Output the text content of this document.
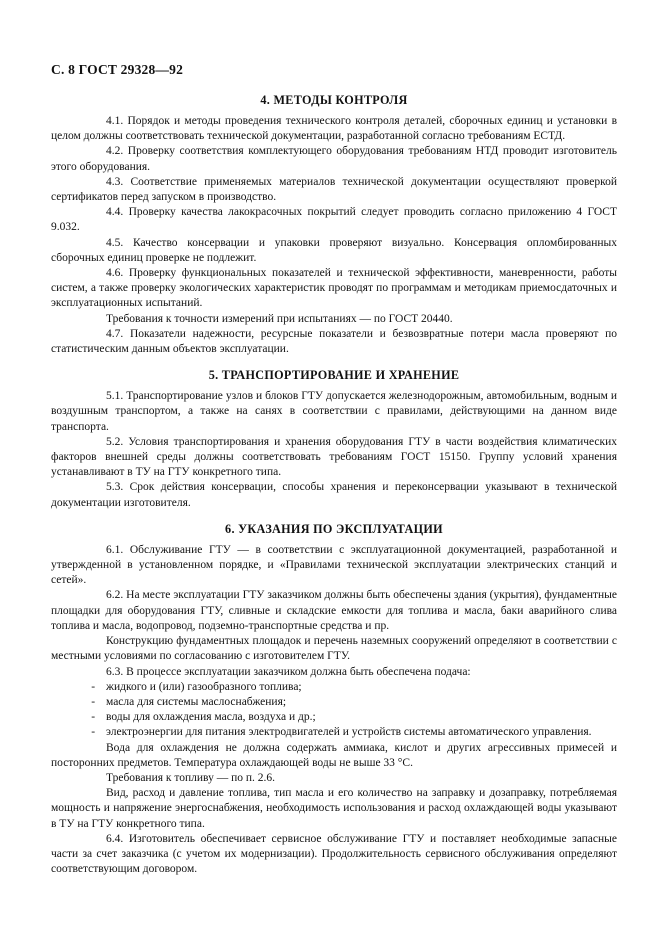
С. 8 ГОСТ 29328—92
4. МЕТОДЫ КОНТРОЛЯ

4.1. Порядок и методы проведения технического контроля деталей, сборочных единиц и установки в целом должны соответствовать технической документации, разработанной согласно требованиям ЕСТД.

4.2. Проверку соответствия комплектующего оборудования требованиям НТД проводит изготовитель этого оборудования.

4.3. Соответствие применяемых материалов технической документации осуществляют проверкой сертификатов перед запуском в производство.

4.4. Проверку качества лакокрасочных покрытий следует проводить согласно приложению 4 ГОСТ 9.032.

4.5. Качество консервации и упаковки проверяют визуально. Консервация опломбированных сборочных единиц проверке не подлежит.

4.6. Проверку функциональных показателей и технической эффективности, маневренности, работы систем, а также проверку экологических характеристик проводят по программам и методикам приемосдаточных и эксплуатационных испытаний.

Требования к точности измерений при испытаниях — по ГОСТ 20440.

4.7. Показатели надежности, ресурсные показатели и безвозвратные потери масла проверяют по статистическим данным объектов эксплуатации.

5. ТРАНСПОРТИРОВАНИЕ И ХРАНЕНИЕ

5.1. Транспортирование узлов и блоков ГТУ допускается железнодорожным, автомобильным, водным и воздушным транспортом, а также на санях в соответствии с правилами, действующими на данном виде транспорта.

5.2. Условия транспортирования и хранения оборудования ГТУ в части воздействия климатических факторов внешней среды должны соответствовать требованиям ГОСТ 15150. Группу условий хранения устанавливают в ТУ на ГТУ конкретного типа.

5.3. Срок действия консервации, способы хранения и переконсервации указывают в технической документации изготовителя.

6. УКАЗАНИЯ ПО ЭКСПЛУАТАЦИИ

6.1. Обслуживание ГТУ — в соответствии с эксплуатационной документацией, разработанной и утвержденной в установленном порядке, и «Правилами технической эксплуатации электрических станций и сетей».

6.2. На месте эксплуатации ГТУ заказчиком должны быть обеспечены здания (укрытия), фундаментные площадки для оборудования ГТУ, сливные и складские емкости для топлива и масла, баки аварийного слива топлива и масла, водопровод, подземно-транспортные средства и пр.

Конструкцию фундаментных площадок и перечень наземных сооружений определяют в соответствии с местными условиями по согласованию с изготовителем ГТУ.

6.3. В процессе эксплуатации заказчиком должна быть обеспечена подача:

- жидкого и (или) газообразного топлива;

- масла для системы маслоснабжения;

- воды для охлаждения масла, воздуха и др.;

- электроэнергии для питания электродвигателей и устройств системы автоматического управления.

Вода для охлаждения не должна содержать аммиака, кислот и других агрессивных примесей и посторонних предметов. Температура охлаждающей воды не выше 33 °С.

Требования к топливу — по п. 2.6.

Вид, расход и давление топлива, тип масла и его количество на заправку и дозаправку, потребляемая мощность и напряжение энергоснабжения, необходимость использования и расход охлаждающей воды указывают в ТУ на ГТУ конкретного типа.

6.4. Изготовитель обеспечивает сервисное обслуживание ГТУ и поставляет необходимые запасные части за счет заказчика (с учетом их модернизации). Продолжительность сервисного обслуживания определяют соответствующим договором.
